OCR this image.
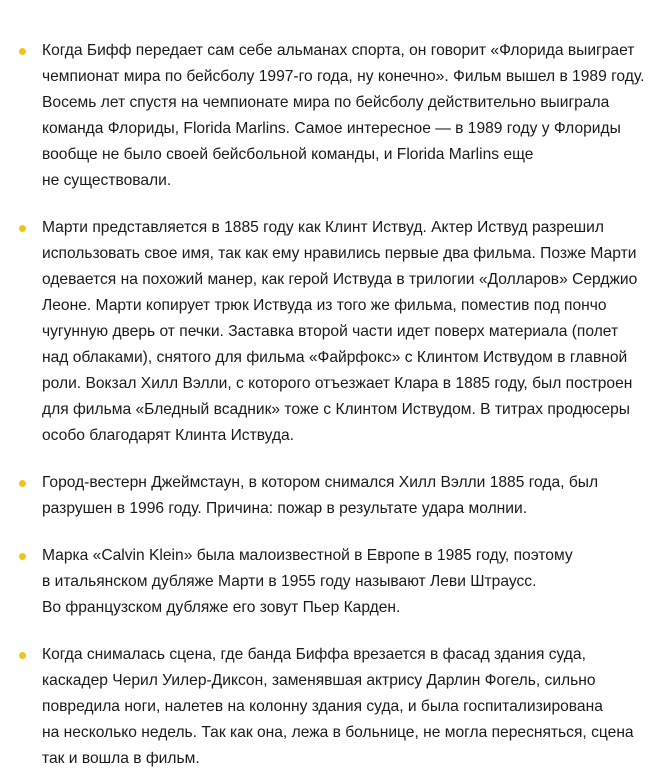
Когда Бифф передает сам себе альманах спорта, он говорит «Флорида выиграет
чемпионат мира по бейсболу 1997-го года, ну конечно». Фильм вышел в 1989 году.
Восемь лет спустя на чемпионате мира по бейсболу действительно выиграла
команда Флориды, Florida Marlins. Самое интересное — в 1989 году у Флориды
вообще не было своей бейсбольной команды, и Florida Marlins еще
не существовали.
Марти представляется в 1885 году как Клинт Иствуд. Актер Иствуд разрешил
использовать свое имя, так как ему нравились первые два фильма. Позже Марти
одевается на похожий манер, как герой Иствуда в трилогии «Долларов» Серджио
Леоне. Марти копирует трюк Иствуда из того же фильма, поместив под пончо
чугунную дверь от печки. Заставка второй части идет поверх материала (полет
над облаками), снятого для фильма «Файрфокс» с Клинтом Иствудом в главной
роли. Вокзал Хилл Вэлли, с которого отъезжает Клара в 1885 году, был построен
для фильма «Бледный всадник» тоже с Клинтом Иствудом. В титрах продюсеры
особо благодарят Клинта Иствуда.
Город-вестерн Джеймстаун, в котором снимался Хилл Вэлли 1885 года, был
разрушен в 1996 году. Причина: пожар в результате удара молнии.
Марка «Calvin Klein» была малоизвестной в Европе в 1985 году, поэтому
в итальянском дубляже Марти в 1955 году называют Леви Штраусс.
Во французском дубляже его зовут Пьер Карден.
Когда снималась сцена, где банда Биффа врезается в фасад здания суда,
каскадер Черил Уилер-Диксон, заменявшая актрису Дарлин Фогель, сильно
повредила ноги, налетев на колонну здания суда, и была госпитализирована
на несколько недель. Так как она, лежа в больнице, не могла пересняться, сцена
так и вошла в фильм.
